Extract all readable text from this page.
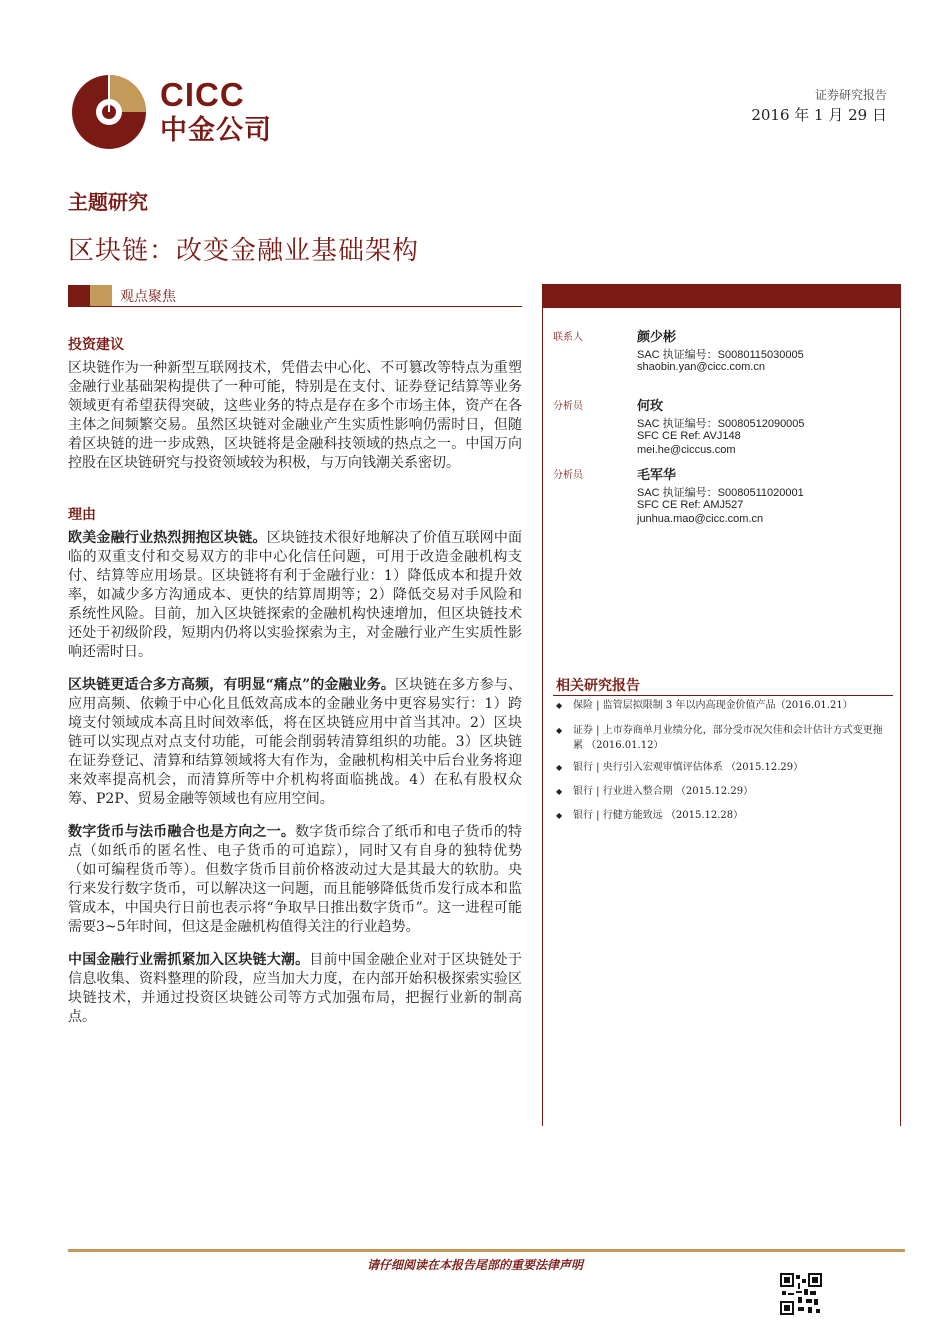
CICC
中金公司
证券研究报告
2016 年 1 月 29 日
主题研究
区块链：改变金融业基础架构
观点聚焦
投资建议

区块链作为一种新型互联网技术，凭借去中心化、不可篡改等特点为重塑金融行业基础架构提供了一种可能，特别是在支付、证券登记结算等业务领域更有希望获得突破，这些业务的特点是存在多个市场主体，资产在各主体之间频繁交易。虽然区块链对金融业产生实质性影响仍需时日，但随着区块链的进一步成熟，区块链将是金融科技领域的热点之一。中国万向控股在区块链研究与投资领域较为积极，与万向钱潮关系密切。

理由

欧美金融行业热烈拥抱区块链。区块链技术很好地解决了价值互联网中面临的双重支付和交易双方的非中心化信任问题，可用于改造金融机构支付、结算等应用场景。区块链将有利于金融行业：1）降低成本和提升效率，如减少多方沟通成本、更快的结算周期等；2）降低交易对手风险和系统性风险。目前，加入区块链探索的金融机构快速增加，但区块链技术还处于初级阶段，短期内仍将以实验探索为主，对金融行业产生实质性影响还需时日。

区块链更适合多方高频，有明显“痛点”的金融业务。区块链在多方参与、应用高频、依赖于中心化且低效高成本的金融业务中更容易实行：1）跨境支付领域成本高且时间效率低，将在区块链应用中首当其冲。2）区块链可以实现点对点支付功能，可能会削弱转清算组织的功能。3）区块链在证券登记、清算和结算领域将大有作为，金融机构相关中后台业务将迎来效率提高机会，而清算所等中介机构将面临挑战。4）在私有股权众筹、P2P、贸易金融等领域也有应用空间。

数字货币与法币融合也是方向之一。数字货币综合了纸币和电子货币的特点（如纸币的匿名性、电子货币的可追踪），同时又有自身的独特优势（如可编程货币等）。但数字货币目前价格波动过大是其最大的软肋。央行来发行数字货币，可以解决这一问题，而且能够降低货币发行成本和监管成本，中国央行日前也表示将“争取早日推出数字货币”。这一进程可能需要3~5年时间，但这是金融机构值得关注的行业趋势。

中国金融行业需抓紧加入区块链大潮。目前中国金融企业对于区块链处于信息收集、资料整理的阶段，应当加大力度，在内部开始积极探索实验区块链技术，并通过投资区块链公司等方式加强布局，把握行业新的制高点。

联系人	颜少彬
SAC 执证编号：S0080115030005
shaobin.yan@cicc.com.cn
分析员	何玫
SAC 执证编号：S0080512090005
SFC CE Ref: AVJ148
mei.he@ciccus.com
分析员	毛军华
SAC 执证编号：S0080511020001
SFC CE Ref: AMJ527
junhua.mao@cicc.com.cn
相关研究报告
◆ 保险 | 监管层拟限制 3 年以内高现金价值产品（2016.01.21）
◆ 证券 | 上市券商单月业绩分化，部分受市况欠佳和会计估计方式变更拖累 （2016.01.12）
◆ 银行 | 央行引入宏观审慎评估体系 （2015.12.29）
◆ 银行 | 行业进入整合期 （2015.12.29）
◆ 银行 | 行健方能致远 （2015.12.28）
请仔细阅读在本报告尾部的重要法律声明
